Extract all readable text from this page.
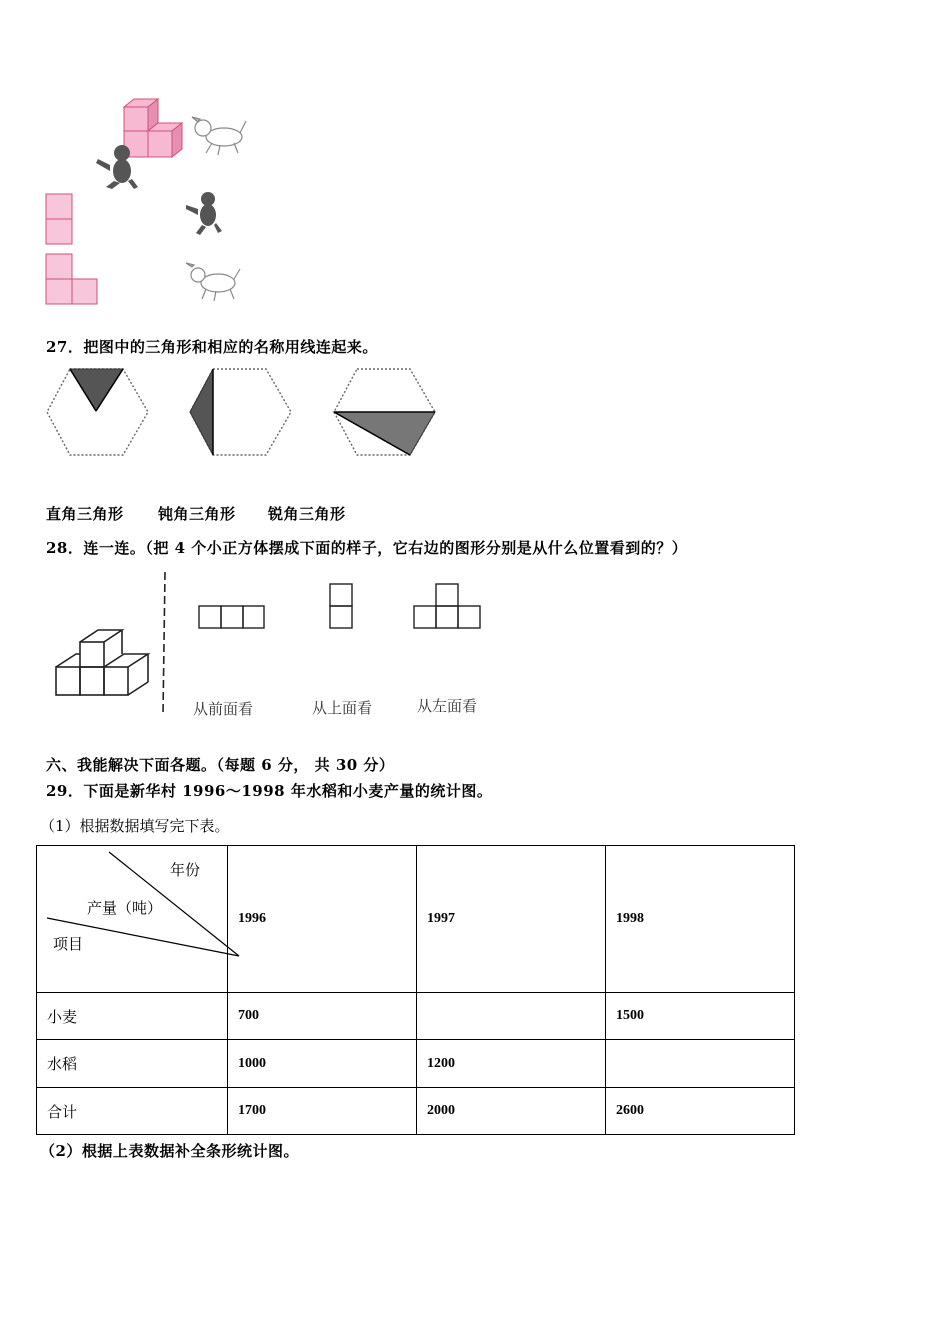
27．把图中的三角形和相应的名称用线连起来。
直角三角形 钝角三角形 锐角三角形
28．连一连。（把 4 个小正方体摆成下面的样子，它右边的图形分别是从什么位置看到的？）
从前面看	从上面看	从左面看
六、我能解决下面各题。（每题 6 分， 共 30 分）
29．下面是新华村 1996～1998 年水稻和小麦产量的统计图。
（1）根据数据填写完下表。
年份
产量（吨）
项目	1996	1997	1998
小麦	700		1500
水稻	1000	1200	
合计	1700	2000	2600
（2）根据上表数据补全条形统计图。
